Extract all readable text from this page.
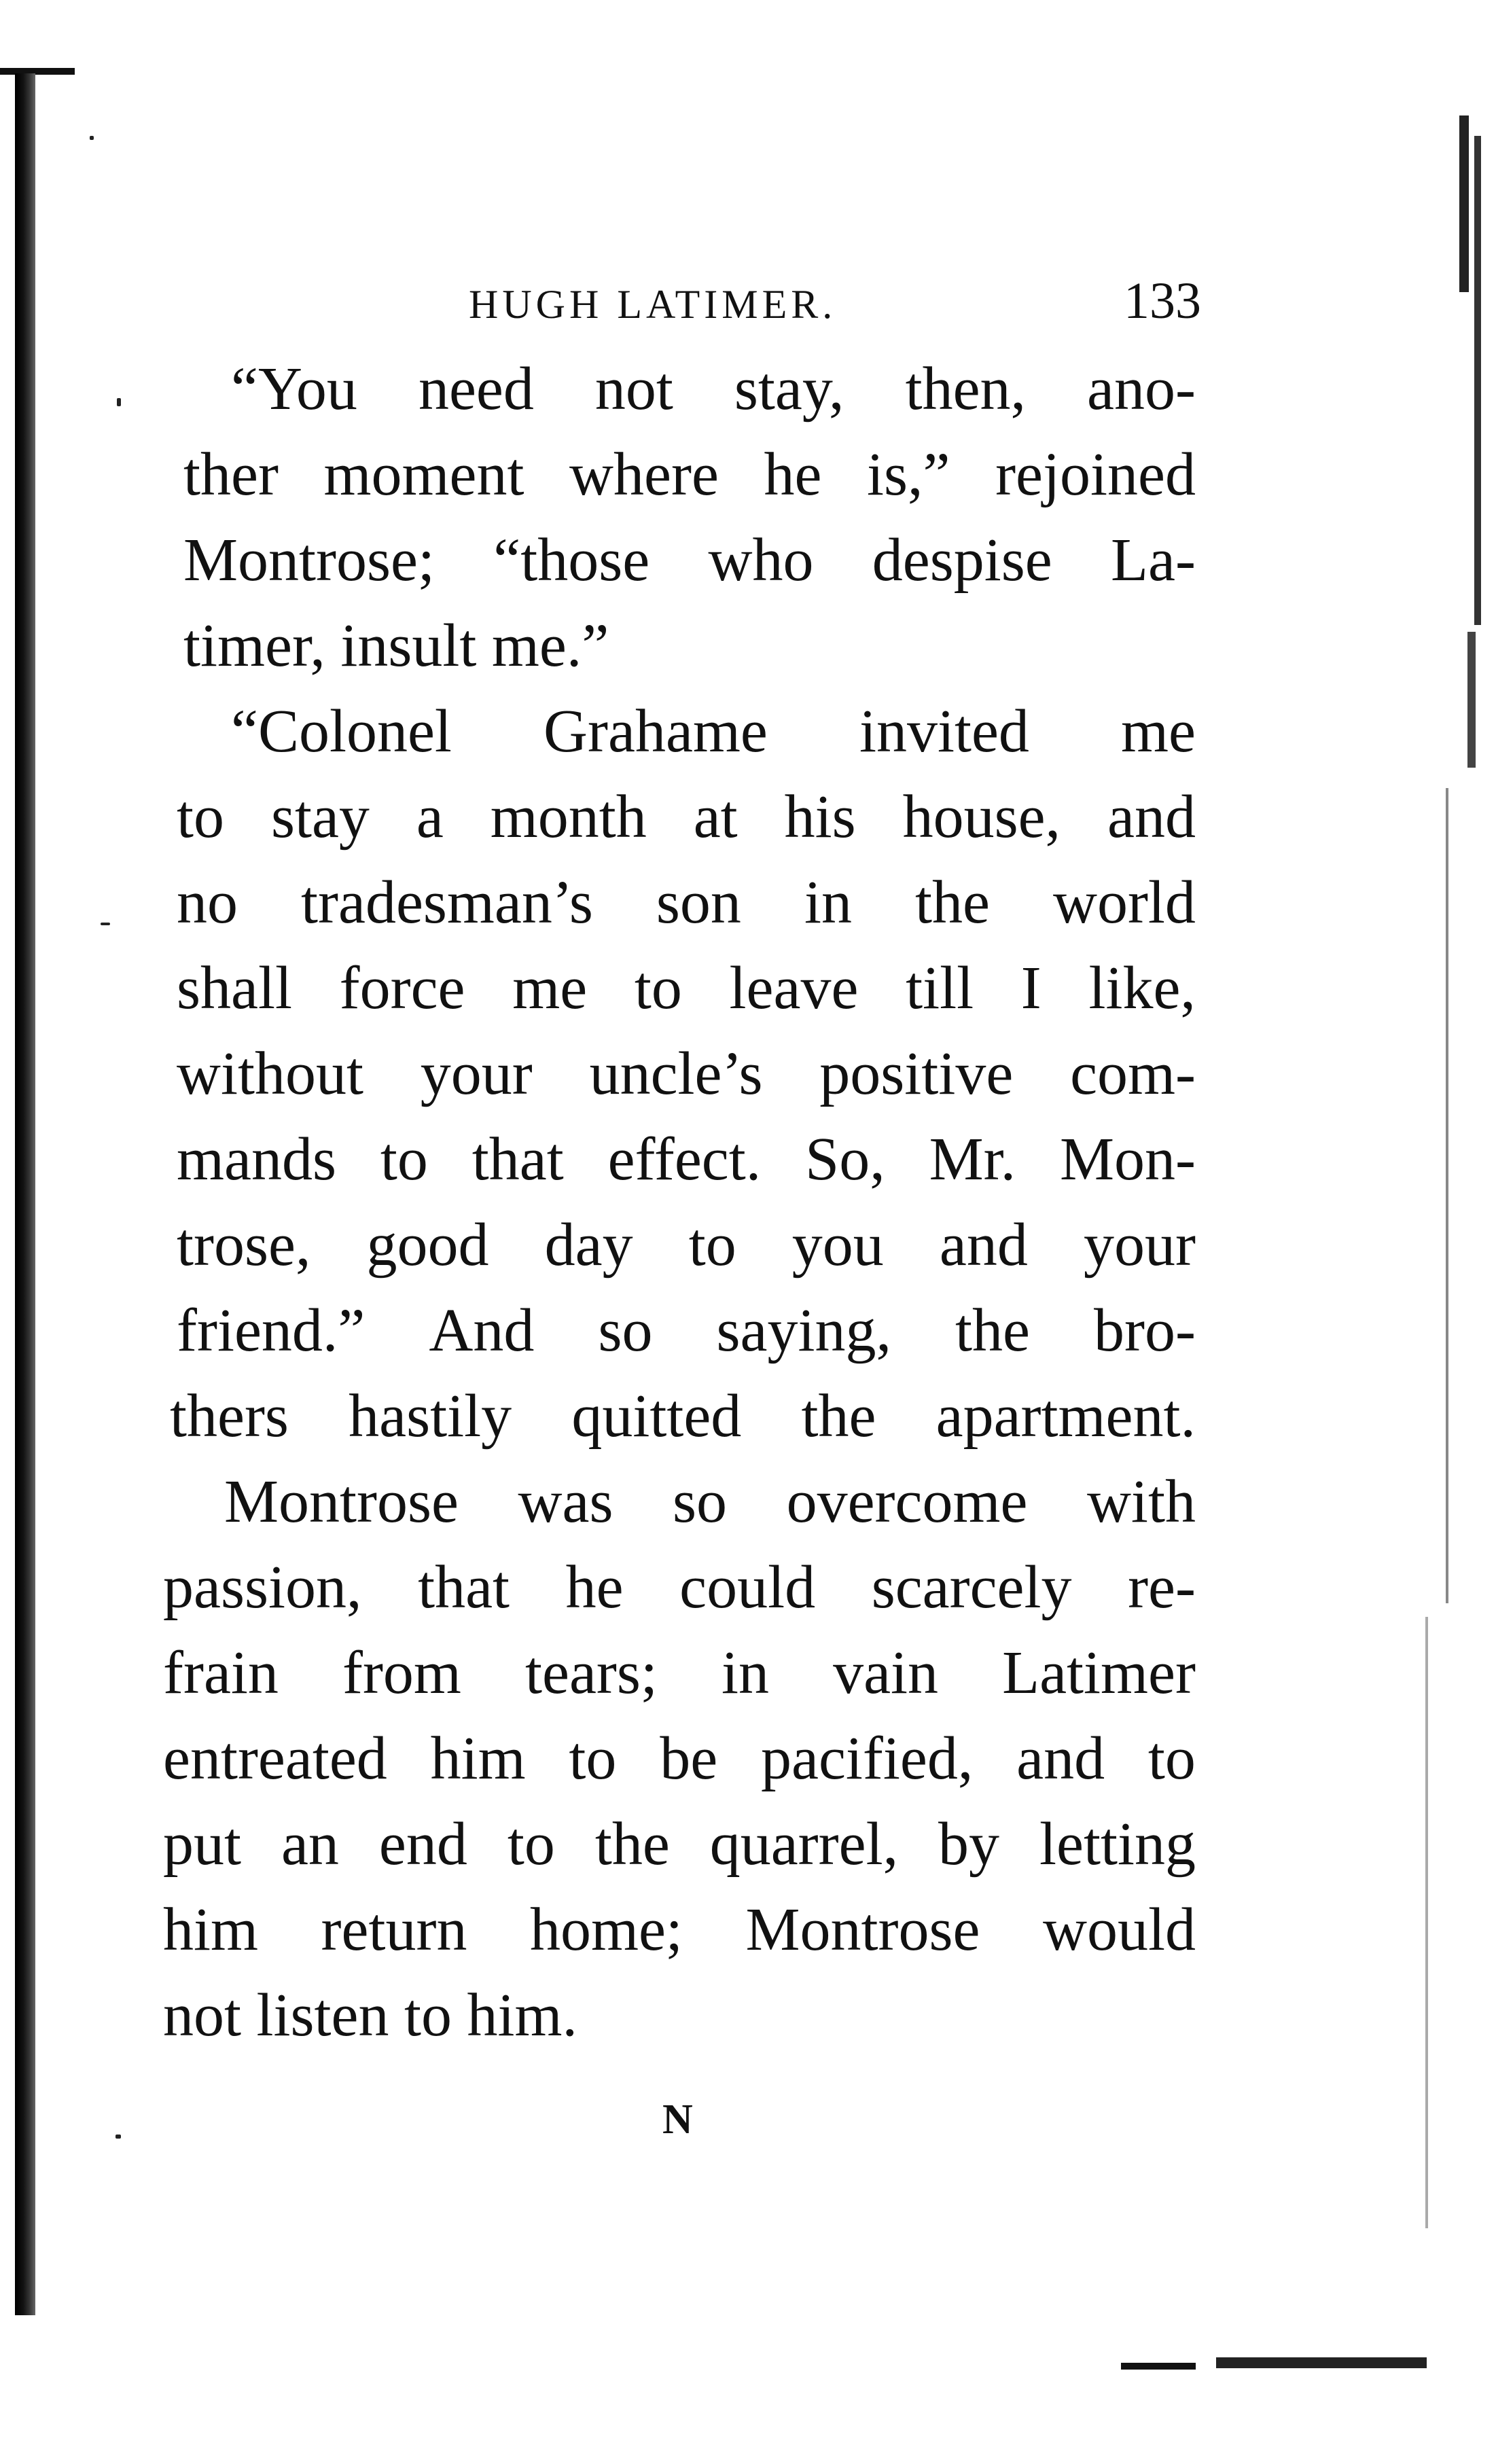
HUGH LATIMER.	133
“You need not stay, then, ano-
ther moment where he is,” rejoined
Montrose; “those who despise La-
timer, insult me.”
“Colonel Grahame invited me
to stay a month at his house, and
no tradesman’s son in the world
shall force me to leave till I like,
without your uncle’s positive com-
mands to that effect. So, Mr. Mon-
trose, good day to you and your
friend.” And so saying, the bro-
thers hastily quitted the apartment.
Montrose was so overcome with
passion, that he could scarcely re-
frain from tears; in vain Latimer
entreated him to be pacified, and to
put an end to the quarrel, by letting
him return home; Montrose would
not listen to him.
N
